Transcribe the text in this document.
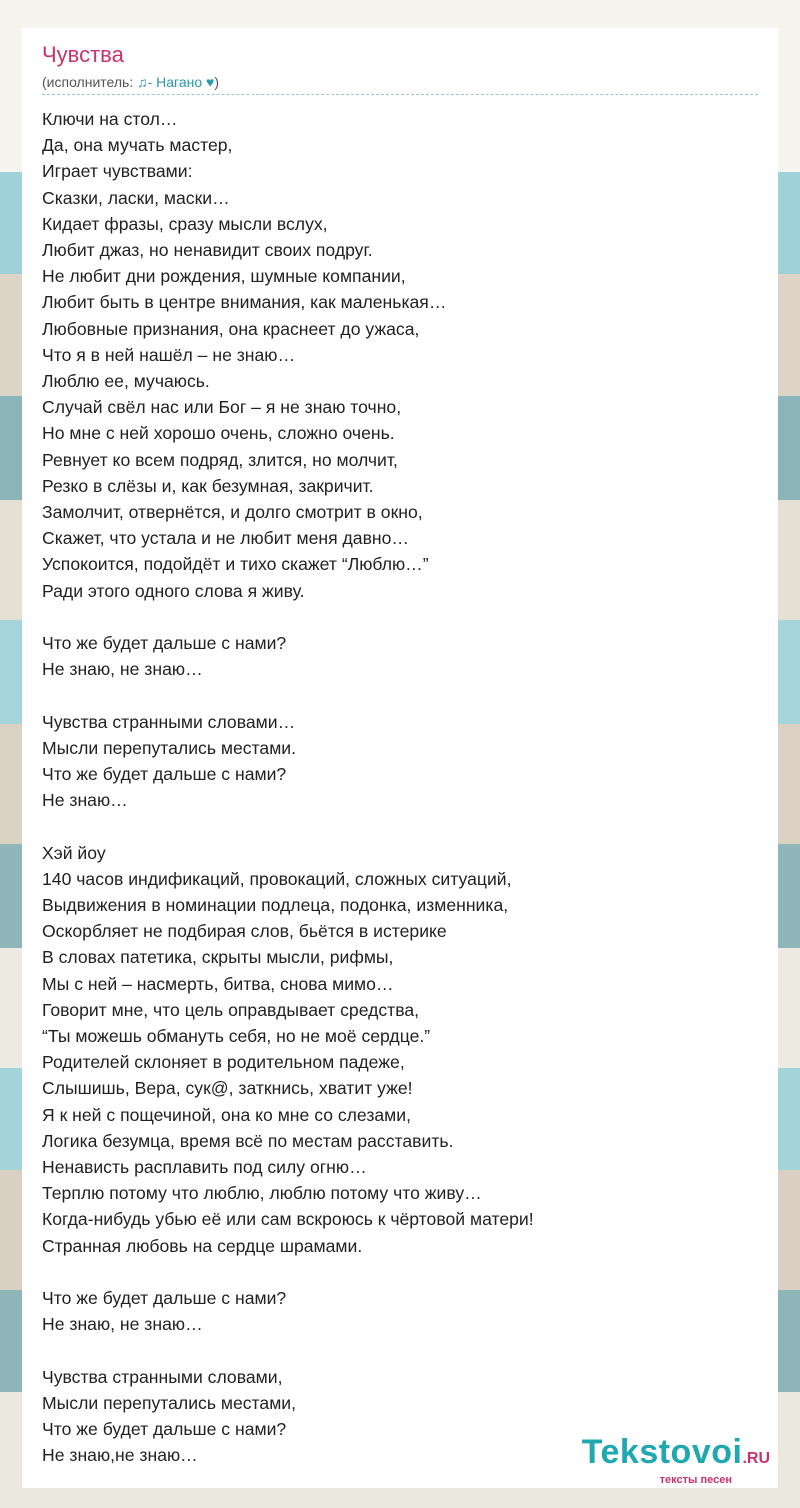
Чувства
(исполнитель: ♫- Нагано ♥)
Ключи на стол…
Да, она мучать мастер,
Играет чувствами:
Сказки, ласки, маски…
Кидает фразы, сразу мысли вслух,
Любит джаз, но ненавидит своих подруг.
Не любит дни рождения, шумные компании,
Любит быть в центре внимания, как маленькая…
Любовные признания, она краснеет до ужаса,
Что я в ней нашёл – не знаю…
Люблю ее, мучаюсь.
Случай свёл нас или Бог – я не знаю точно,
Но мне с ней хорошо очень, сложно очень.
Ревнует ко всем подряд, злится, но молчит,
Резко в слёзы и, как безумная, закричит.
Замолчит, отвернётся, и долго смотрит в окно,
Скажет, что устала и не любит меня давно…
Успокоится, подойдёт и тихо скажет “Люблю…”
Ради этого одного слова я живу.
Что же будет дальше с нами?
Не знаю, не знаю…
Чувства странными словами…
Мысли перепутались местами.
Что же будет дальше с нами?
Не знаю…
Хэй йоу
140 часов индификаций, провокаций, сложных ситуаций,
Выдвижения в номинации подлеца, подонка, изменника,
Оскорбляет не подбирая слов, бьётся в истерике
В словах патетика, скрыты мысли, рифмы,
Мы с ней – насмерть, битва, снова мимо…
Говорит мне, что цель оправдывает средства,
“Ты можешь обмануть себя, но не моё сердце.”
Родителей склоняет в родительном падеже,
Слышишь, Вера, сук@, заткнись, хватит уже!
Я к ней с пощечиной, она ко мне со слезами,
Логика безумца, время всё по местам расставить.
Ненависть расплавить под силу огню…
Терплю потому что люблю, люблю потому что живу…
Когда-нибудь убью её или сам вскроюсь к чёртовой матери!
Странная любовь на сердце шрамами.
Что же будет дальше с нами?
Не знаю, не знаю…
Чувства странными словами,
Мысли перепутались местами,
Что же будет дальше с нами?
Не знаю,не знаю…	Tekstovoi.RU
тексты песен
